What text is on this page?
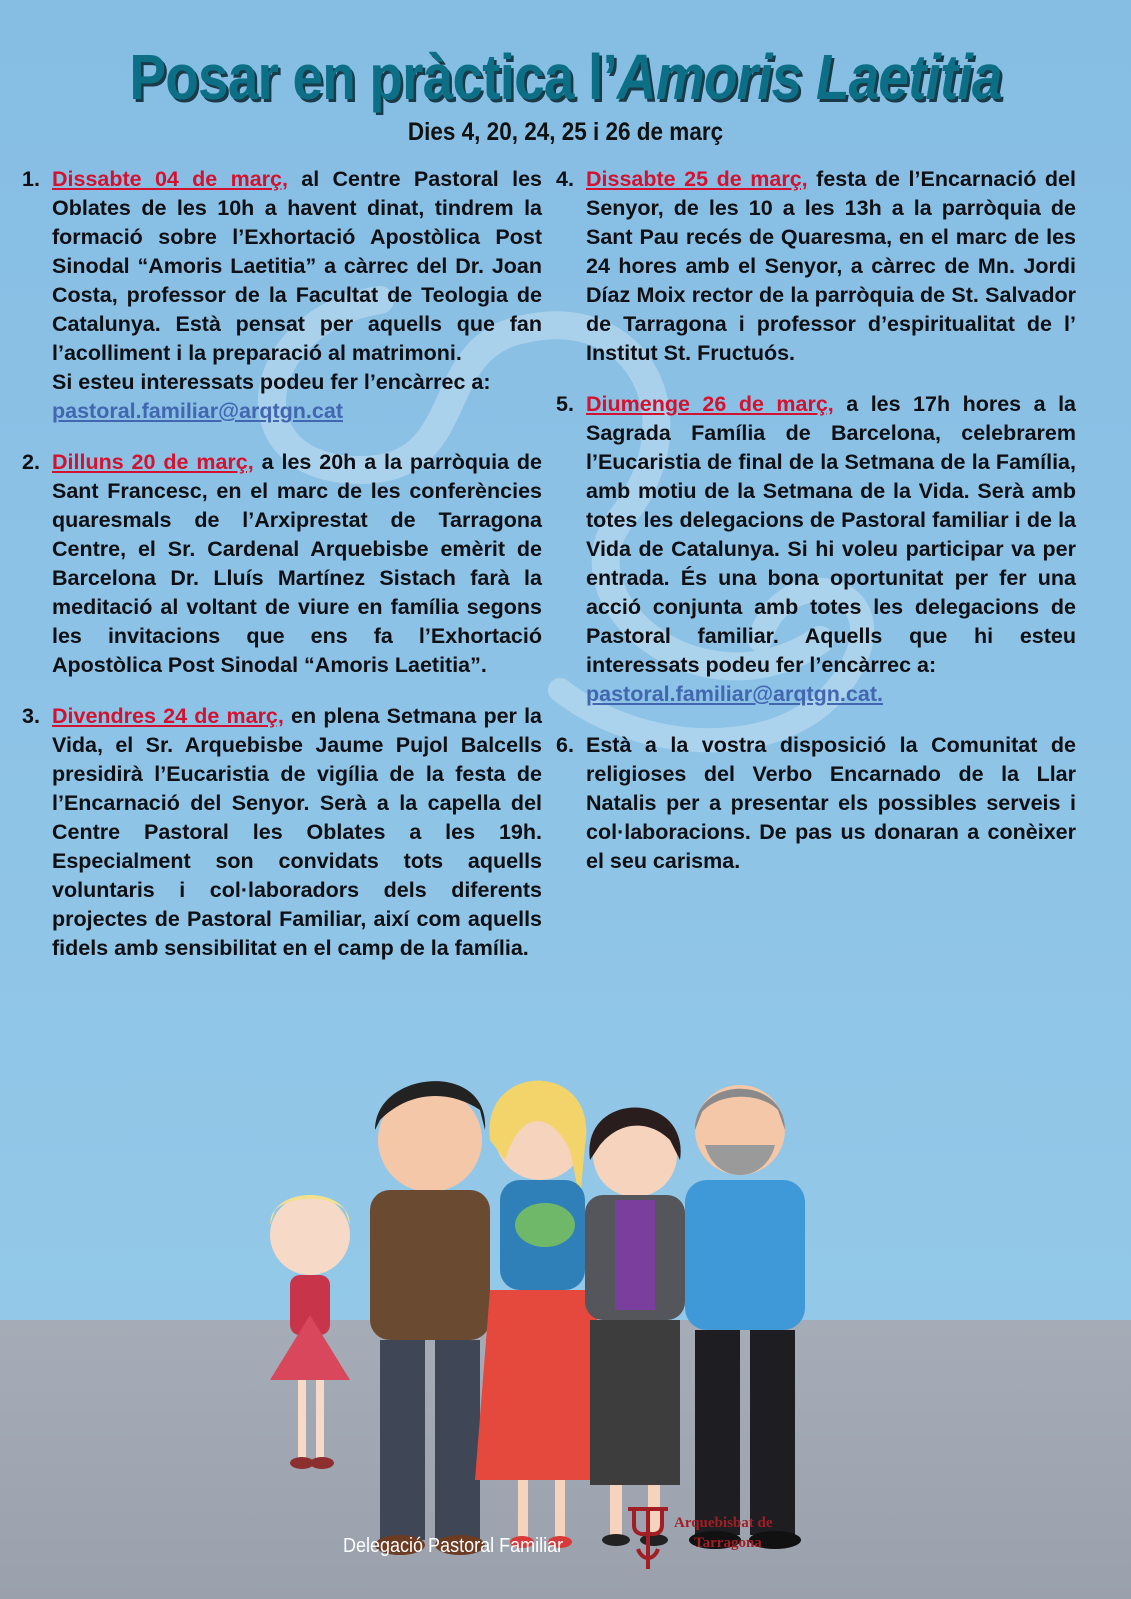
Posar en pràctica l’Amoris Laetitia
Dies 4, 20, 24, 25 i 26 de març
1. Dissabte 04 de març, al Centre Pastoral les Oblates de les 10h a havent dinat, tindrem la formació sobre l’Exhortació Apostòlica Post Sinodal “Amoris Laetitia” a càrrec del Dr. Joan Costa, professor de la Facultat de Teologia de Catalunya. Està pensat per aquells que fan l’acolliment i la preparació al matrimoni.

Si esteu interessats podeu fer l’encàrrec a:

pastoral.familiar@arqtgn.cat

2. Dilluns 20 de març, a les 20h a la parròquia de Sant Francesc, en el marc de les conferències quaresmals de l’Arxiprestat de Tarragona Centre, el Sr. Cardenal Arquebisbe emèrit de Barcelona Dr. Lluís Martínez Sistach farà la meditació al voltant de viure en família segons les invitacions que ens fa l’Exhortació Apostòlica Post Sinodal “Amoris Laetitia”.

3. Divendres 24 de març, en plena Setmana per la Vida, el Sr. Arquebisbe Jaume Pujol Balcells presidirà l’Eucaristia de vigília de la festa de l’Encarnació del Senyor. Serà a la capella del Centre Pastoral les Oblates a les 19h. Especialment son convidats tots aquells voluntaris i col·laboradors dels diferents projectes de Pastoral Familiar, així com aquells fidels amb sensibilitat en el camp de la família.

4. Dissabte 25 de març, festa de l’Encarnació del Senyor, de les 10 a les 13h a la parròquia de Sant Pau recés de Quaresma, en el marc de les 24 hores amb el Senyor, a càrrec de Mn. Jordi Díaz Moix rector de la parròquia de St. Salvador de Tarragona i professor d’espiritualitat de l’ Institut St. Fructuós.

5. Diumenge 26 de març, a les 17h hores a la Sagrada Família de Barcelona, celebrarem l’Eucaristia de final de la Setmana de la Família, amb motiu de la Setmana de la Vida. Serà amb totes les delegacions de Pastoral familiar i de la Vida de Catalunya. Si hi voleu participar va per entrada. És una bona oportunitat per fer una acció conjunta amb totes les delegacions de Pastoral familiar. Aquells que hi esteu interessats podeu fer l’encàrrec a:

pastoral.familiar@arqtgn.cat.

6. Està a la vostra disposició la Comunitat de religioses del Verbo Encarnado de la Llar Natalis per a presentar els possibles serveis i col·laboracions. De pas us donaran a conèixer el seu carisma.

Delegació Pastoral Familiar
Arquebisbat de
Tarragona
